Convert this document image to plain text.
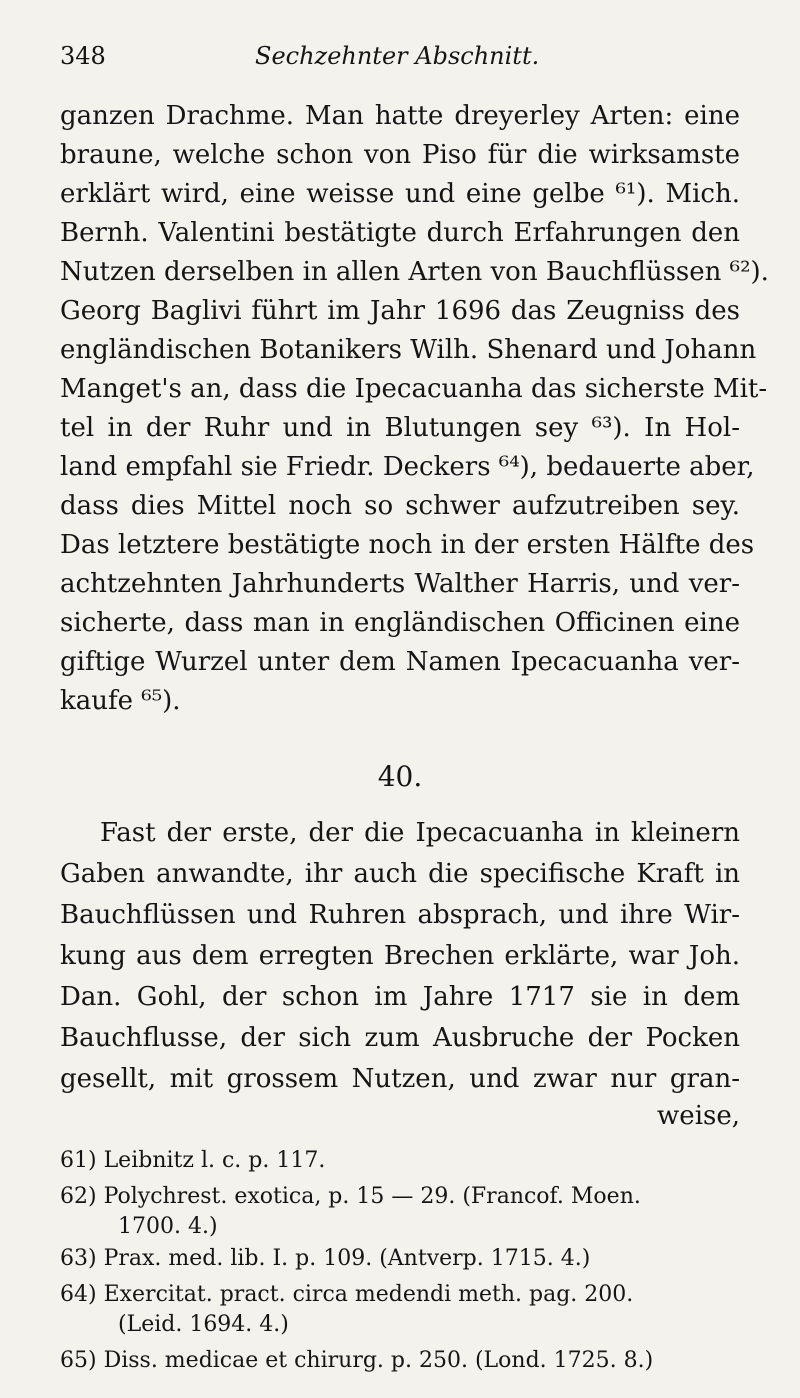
348	Sechzehnter Abschnitt.
ganzen Drachme. Man hatte dreyerley Arten: eine
braune, welche schon von Piso für die wirksamste
erklärt wird, eine weisse und eine gelbe ⁶¹). Mich.
Bernh. Valentini bestätigte durch Erfahrungen den
Nutzen derselben in allen Arten von Bauchflüssen ⁶²).
Georg Baglivi führt im Jahr 1696 das Zeugniss des
engländischen Botanikers Wilh. Shenard und Johann
Manget's an, dass die Ipecacuanha das sicherste Mit-
tel in der Ruhr und in Blutungen sey ⁶³). In Hol-
land empfahl sie Friedr. Deckers ⁶⁴), bedauerte aber,
dass dies Mittel noch so schwer aufzutreiben sey.
Das letztere bestätigte noch in der ersten Hälfte des
achtzehnten Jahrhunderts Walther Harris, und ver-
sicherte, dass man in engländischen Officinen eine
giftige Wurzel unter dem Namen Ipecacuanha ver-
kaufe ⁶⁵).
40.
Fast der erste, der die Ipecacuanha in kleinern
Gaben anwandte, ihr auch die specifische Kraft in
Bauchflüssen und Ruhren absprach, und ihre Wir-
kung aus dem erregten Brechen erklärte, war Joh.
Dan. Gohl, der schon im Jahre 1717 sie in dem
Bauchflusse, der sich zum Ausbruche der Pocken
gesellt, mit grossem Nutzen, und zwar nur gran-
weise,
61) Leibnitz l. c. p. 117.
62) Polychrest. exotica, p. 15 — 29. (Francof. Moen.
1700. 4.)
63) Prax. med. lib. I. p. 109. (Antverp. 1715. 4.)
64) Exercitat. pract. circa medendi meth. pag. 200.
(Leid. 1694. 4.)
65) Diss. medicae et chirurg. p. 250. (Lond. 1725. 8.)
